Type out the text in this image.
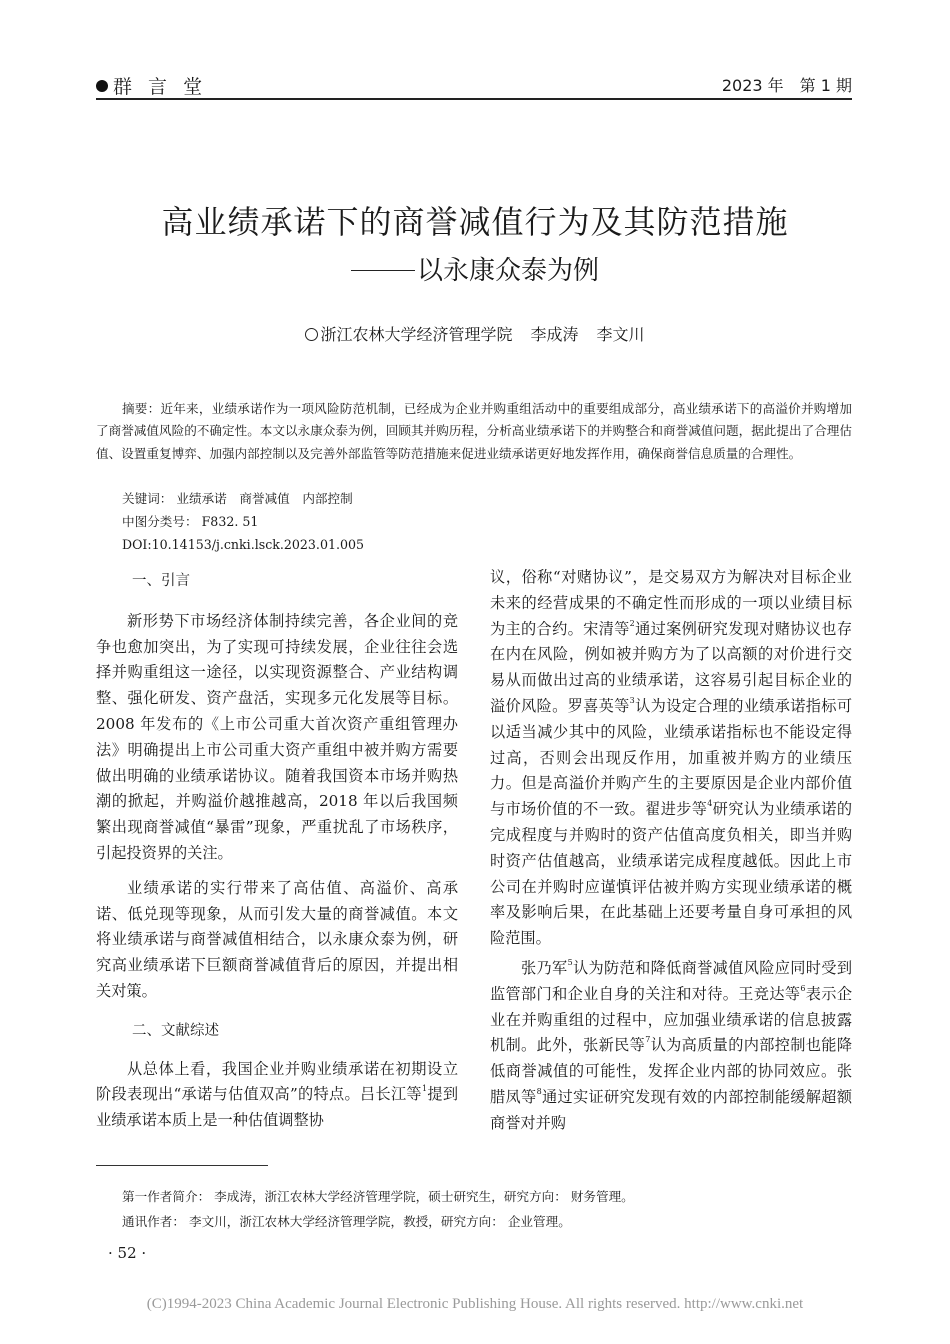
群 言 堂	2023 年　第 1 期
高业绩承诺下的商誉减值行为及其防范措施
以永康众泰为例
浙江农林大学经济管理学院 李成涛 李文川

摘要：近年来，业绩承诺作为一项风险防范机制，已经成为企业并购重组活动中的重要组成部分，高业绩承诺下的高溢价并购增加了商誉减值风险的不确定性。本文以永康众泰为例，回顾其并购历程，分析高业绩承诺下的并购整合和商誉减值问题，据此提出了合理估值、设置重复博弈、加强内部控制以及完善外部监管等防范措施来促进业绩承诺更好地发挥作用，确保商誉信息质量的合理性。

关键词： 业绩承诺　商誉减值　内部控制
中图分类号： F832. 51
DOI:10.14153/j.cnki.lsck.2023.01.005
一、引言

新形势下市场经济体制持续完善，各企业间的竞争也愈加突出，为了实现可持续发展，企业往往会选择并购重组这一途径，以实现资源整合、产业结构调整、强化研发、资产盘活，实现多元化发展等目标。2008 年发布的《上市公司重大首次资产重组管理办法》明确提出上市公司重大资产重组中被并购方需要做出明确的业绩承诺协议。随着我国资本市场并购热潮的掀起，并购溢价越推越高，2018 年以后我国频繁出现商誉减值“暴雷”现象，严重扰乱了市场秩序，引起投资界的关注。

业绩承诺的实行带来了高估值、高溢价、高承诺、低兑现等现象，从而引发大量的商誉减值。本文将业绩承诺与商誉减值相结合，以永康众泰为例，研究高业绩承诺下巨额商誉减值背后的原因，并提出相关对策。

二、文献综述

从总体上看，我国企业并购业绩承诺在初期设立阶段表现出“承诺与估值双高”的特点。吕长江等$^1$提到业绩承诺本质上是一种估值调整协

议，俗称“对赌协议”，是交易双方为解决对目标企业未来的经营成果的不确定性而形成的一项以业绩目标为主的合约。宋清等$^2$通过案例研究发现对赌协议也存在内在风险，例如被并购方为了以高额的对价进行交易从而做出过高的业绩承诺，这容易引起目标企业的溢价风险。罗喜英等$^3$认为设定合理的业绩承诺指标可以适当减少其中的风险，业绩承诺指标也不能设定得过高，否则会出现反作用，加重被并购方的业绩压力。但是高溢价并购产生的主要原因是企业内部价值与市场价值的不一致。翟进步等$^4$研究认为业绩承诺的完成程度与并购时的资产估值高度负相关，即当并购时资产估值越高，业绩承诺完成程度越低。因此上市公司在并购时应谨慎评估被并购方实现业绩承诺的概率及影响后果，在此基础上还要考量自身可承担的风险范围。

张乃军$^5$认为防范和降低商誉减值风险应同时受到监管部门和企业自身的关注和对待。王竞达等$^6$表示企业在并购重组的过程中，应加强业绩承诺的信息披露机制。此外，张新民等$^7$认为高质量的内部控制也能降低商誉减值的可能性，发挥企业内部的协同效应。张腊凤等$^8$通过实证研究发现有效的内部控制能缓解超额商誉对并购

第一作者简介： 李成涛，浙江农林大学经济管理学院，硕士研究生，研究方向： 财务管理。
通讯作者： 李文川，浙江农林大学经济管理学院，教授，研究方向： 企业管理。
· 52 ·
(C)1994-2023 China Academic Journal Electronic Publishing House. All rights reserved. http://www.cnki.net
